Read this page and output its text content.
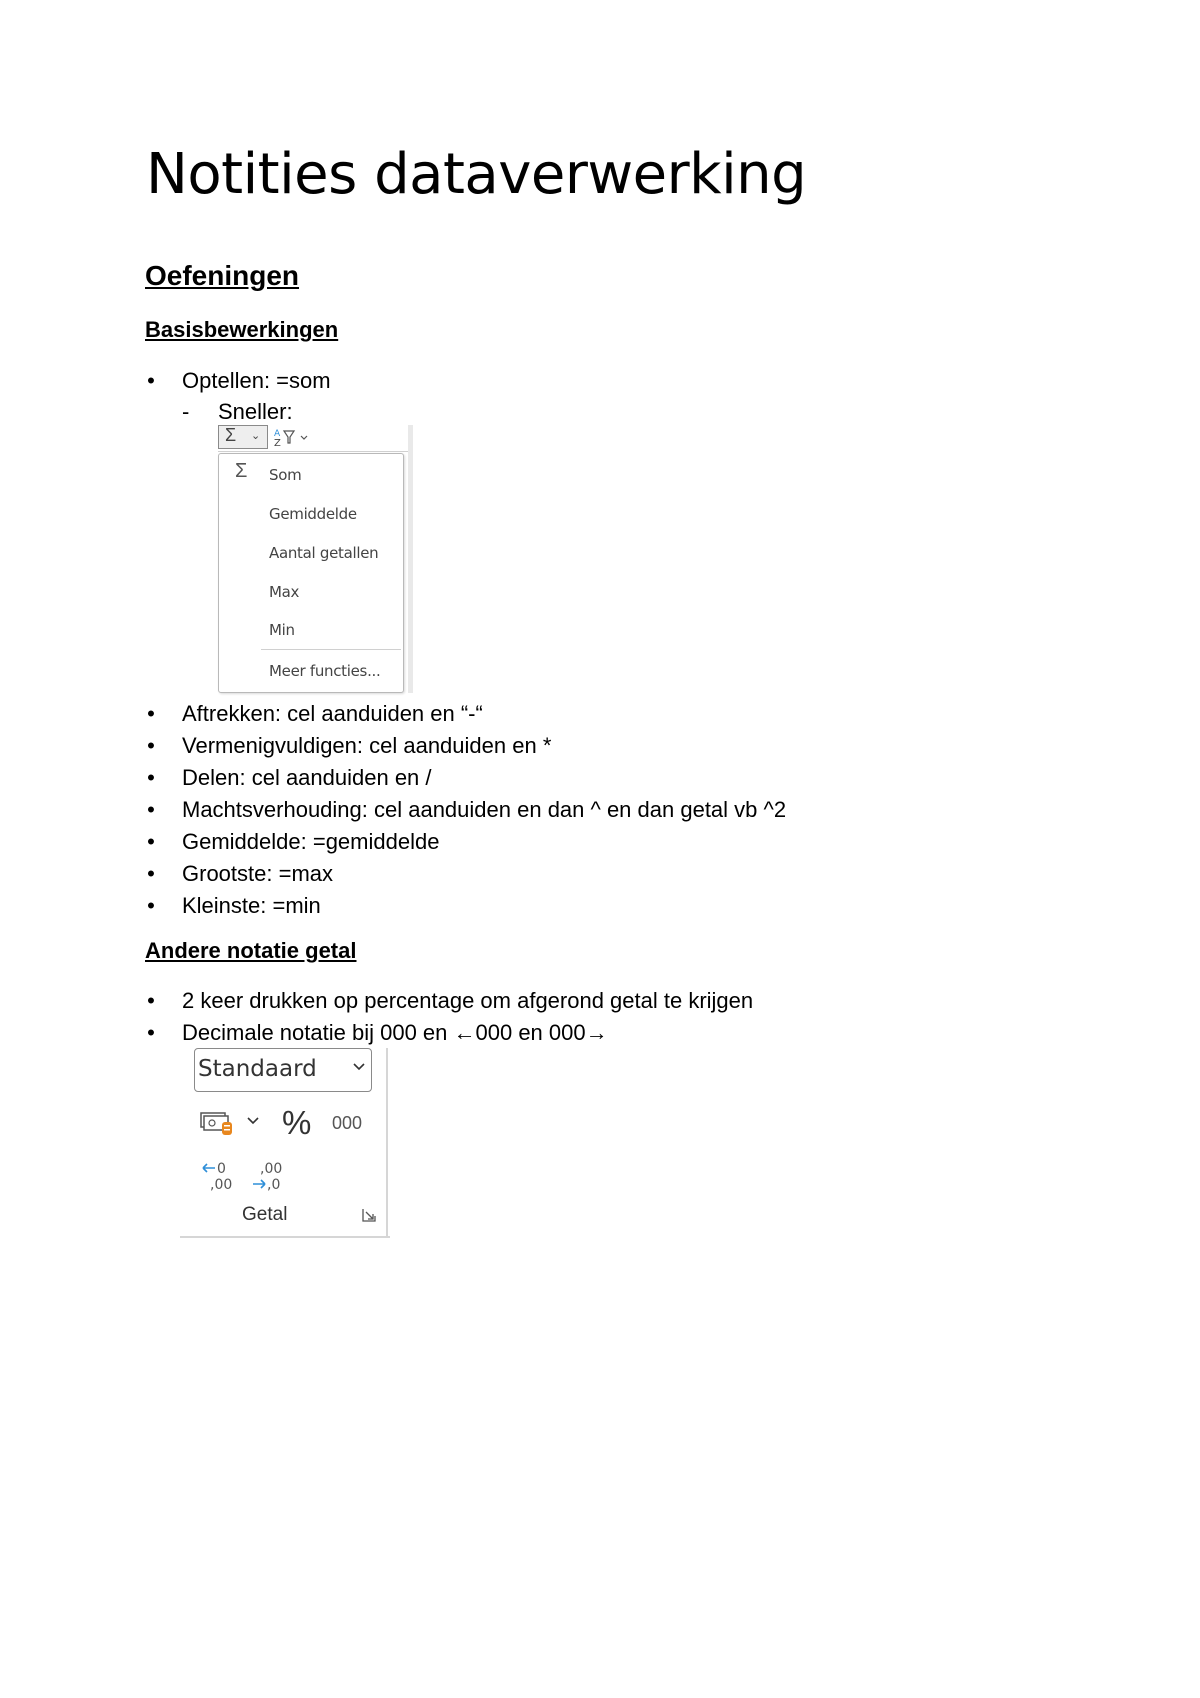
Notities dataverwerking
Oefeningen
Basisbewerkingen
• Optellen: =som
- Sneller:
Σ ⌄ A
Z
Σ Som
Gemiddelde
Aantal getallen
Max
Min
Meer functies...
• Aftrekken: cel aanduiden en “-“
• Vermenigvuldigen: cel aanduiden en *
• Delen: cel aanduiden en /
• Machtsverhouding: cel aanduiden en dan ^ en dan getal vb ^2
• Gemiddelde: =gemiddelde
• Grootste: =max
• Kleinste: =min
Andere notatie getal
• 2 keer drukken op percentage om afgerond getal te krijgen
• Decimale notatie bij 000 en ←000 en 000→
Standaard
% 000
0
,00
,00
,0
Getal
